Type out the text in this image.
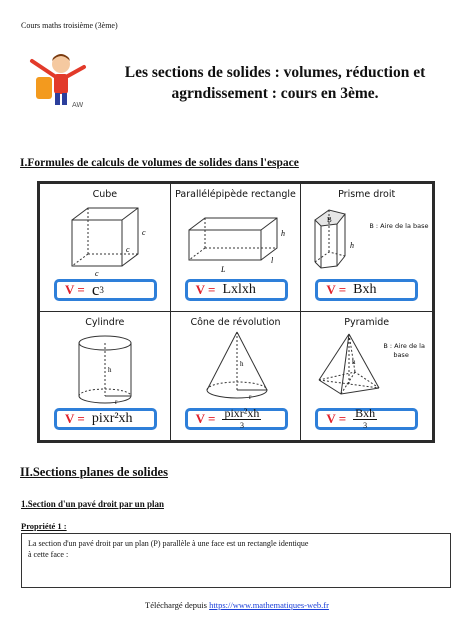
Cours maths troisième (3ème)
AW
Les sections de solides : volumes, réduction et
agrndissement : cours en 3ème.
I.Formules de calculs de volumes de solides dans l'espace
Cube
c
c
c
V = c 3
Parallélépipède rectangle
h
L
l
V = Lxlxh
Prisme droit
B
h
B : Aire de la base
V = Bxh
Cylindre
h
r
V = pixr²xh
Cône de révolution
h
r
$V = \frac{\text{pixr²xh}}{3}$
Pyramide
h
B : Aire de la
base
$V = \frac{\text{Bxh}}{3}$
II.Sections planes de solides
1.Section d'un pavé droit par un plan
Propriété 1 :
La section d'un pavé droit par un plan (P) parallèle à une face est un rectangle identique
à cette face :
Téléchargé depuis https://www.mathematiques-web.fr
